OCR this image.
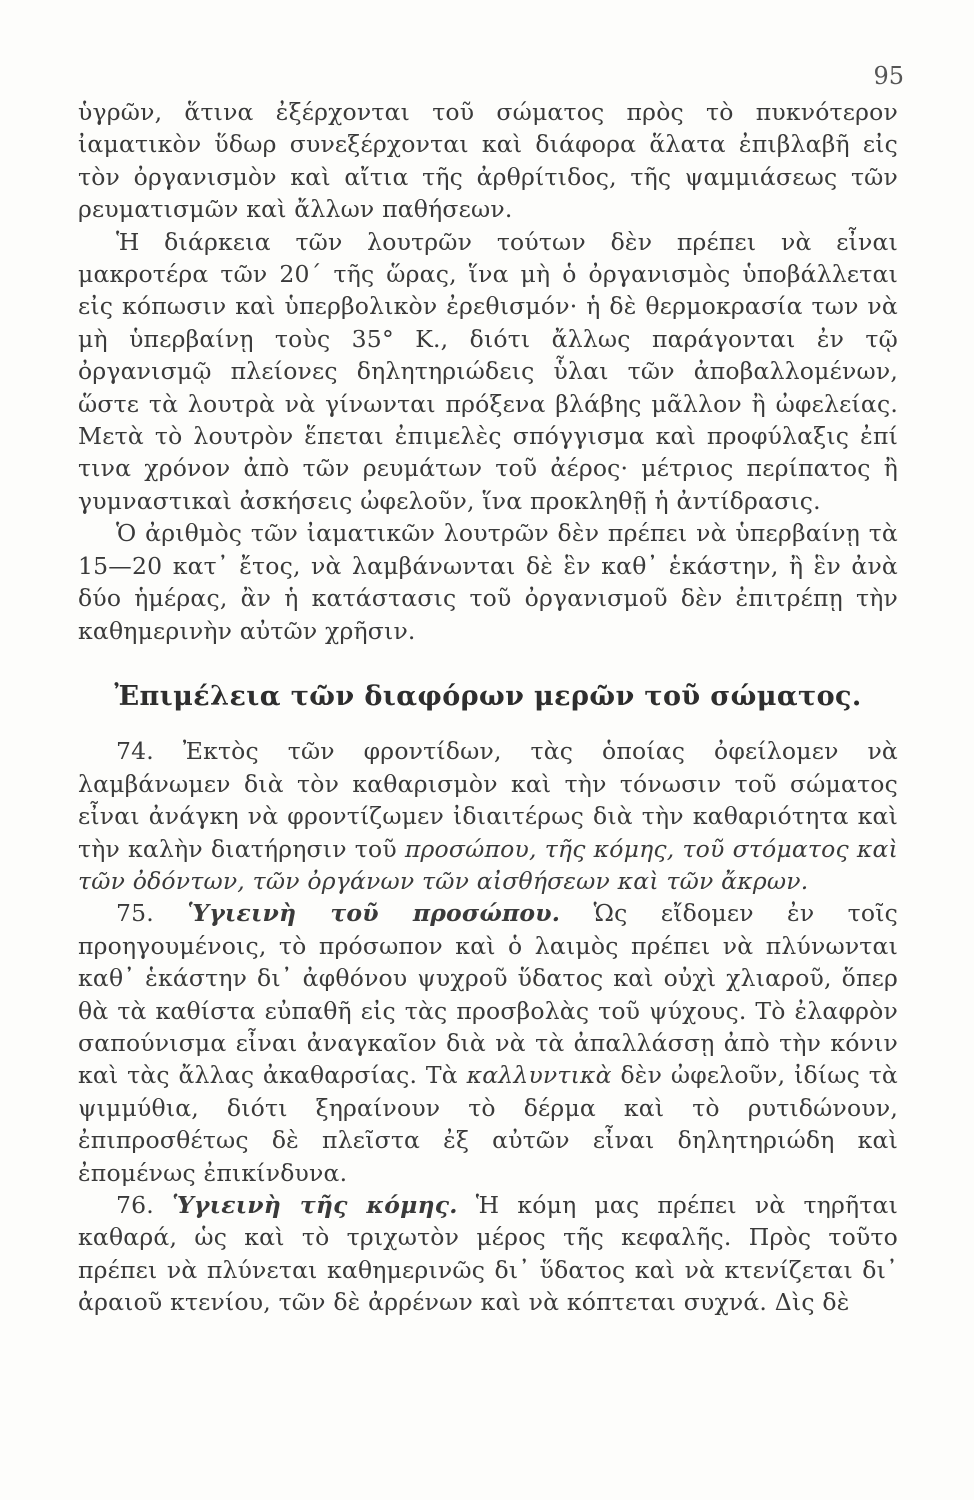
95

ὑγρῶν, ἅτινα ἐξέρχονται τοῦ σώματος πρὸς τὸ πυκνότερον ἰαματικὸν ὕδωρ συνεξέρχονται καὶ διάφορα ἅλατα ἐπιβλαβῆ εἰς τὸν ὀργανισμὸν καὶ αἴτια τῆς ἀρθρίτιδος, τῆς ψαμμιάσεως τῶν ρευματισμῶν καὶ ἄλλων παθήσεων.

Ἡ διάρκεια τῶν λουτρῶν τούτων δὲν πρέπει νὰ εἶναι μακροτέρα τῶν 20΄ τῆς ὥρας, ἵνα μὴ ὁ ὀργανισμὸς ὑποβάλλεται εἰς κόπωσιν καὶ ὑπερβολικὸν ἐρεθισμόν· ἡ δὲ θερμοκρασία των νὰ μὴ ὑπερβαίνῃ τοὺς 35° Κ., διότι ἄλλως παράγονται ἐν τῷ ὀργανισμῷ πλείονες δηλητηριώδεις ὗλαι τῶν ἀποβαλλομένων, ὥστε τὰ λουτρὰ νὰ γίνωνται πρόξενα βλάβης μᾶλλον ἢ ὠφελείας. Μετὰ τὸ λουτρὸν ἕπεται ἐπιμελὲς σπόγγισμα καὶ προφύλαξις ἐπί τινα χρόνον ἀπὸ τῶν ρευμάτων τοῦ ἀέρος· μέτριος περίπατος ἢ γυμναστικαὶ ἀσκήσεις ὠφελοῦν, ἵνα προκληθῇ ἡ ἀντίδρασις.

Ὁ ἀριθμὸς τῶν ἰαματικῶν λουτρῶν δὲν πρέπει νὰ ὑπερβαίνῃ τὰ 15—20 κατ᾽ ἔτος, νὰ λαμβάνωνται δὲ ἓν καθ᾽ ἑκάστην, ἢ ἓν ἀνὰ δύο ἡμέρας, ἂν ἡ κατάστασις τοῦ ὀργανισμοῦ δὲν ἐπιτρέπῃ τὴν καθημερινὴν αὐτῶν χρῆσιν.

Ἐπιμέλεια τῶν διαφόρων μερῶν τοῦ σώματος.

74. Ἐκτὸς τῶν φροντίδων, τὰς ὁποίας ὀφείλομεν νὰ λαμβάνωμεν διὰ τὸν καθαρισμὸν καὶ τὴν τόνωσιν τοῦ σώματος εἶναι ἀνάγκη νὰ φροντίζωμεν ἰδιαιτέρως διὰ τὴν καθαριότητα καὶ τὴν καλὴν διατήρησιν τοῦ προσώπου, τῆς κόμης, τοῦ στόματος καὶ τῶν ὀδόντων, τῶν ὀργάνων τῶν αἰσθήσεων καὶ τῶν ἄκρων.

75. Ὑγιεινὴ τοῦ προσώπου. Ὡς εἴδομεν ἐν τοῖς προηγουμένοις, τὸ πρόσωπον καὶ ὁ λαιμὸς πρέπει νὰ πλύνωνται καθ᾽ ἑκάστην δι᾽ ἀφθόνου ψυχροῦ ὕδατος καὶ οὐχὶ χλιαροῦ, ὅπερ θὰ τὰ καθίστα εὐπαθῆ εἰς τὰς προσβολὰς τοῦ ψύχους. Τὸ ἐλαφρὸν σαπούνισμα εἶναι ἀναγκαῖον διὰ νὰ τὰ ἀπαλλάσσῃ ἀπὸ τὴν κόνιν καὶ τὰς ἄλλας ἀκαθαρσίας. Τὰ καλλυντικὰ δὲν ὠφελοῦν, ἰδίως τὰ ψιμμύθια, διότι ξηραίνουν τὸ δέρμα καὶ τὸ ρυτιδώνουν, ἐπιπροσθέτως δὲ πλεῖστα ἐξ αὐτῶν εἶναι δηλητηριώδη καὶ ἐπομένως ἐπικίνδυνα.

76. Ὑγιεινὴ τῆς κόμης. Ἡ κόμη μας πρέπει νὰ τηρῆται καθαρά, ὡς καὶ τὸ τριχωτὸν μέρος τῆς κεφαλῆς. Πρὸς τοῦτο πρέπει νὰ πλύνεται καθημερινῶς δι᾽ ὕδατος καὶ νὰ κτενίζεται δι᾽ ἀραιοῦ κτενίου, τῶν δὲ ἀρρένων καὶ νὰ κόπτεται συχνά. Δὶς δὲ
